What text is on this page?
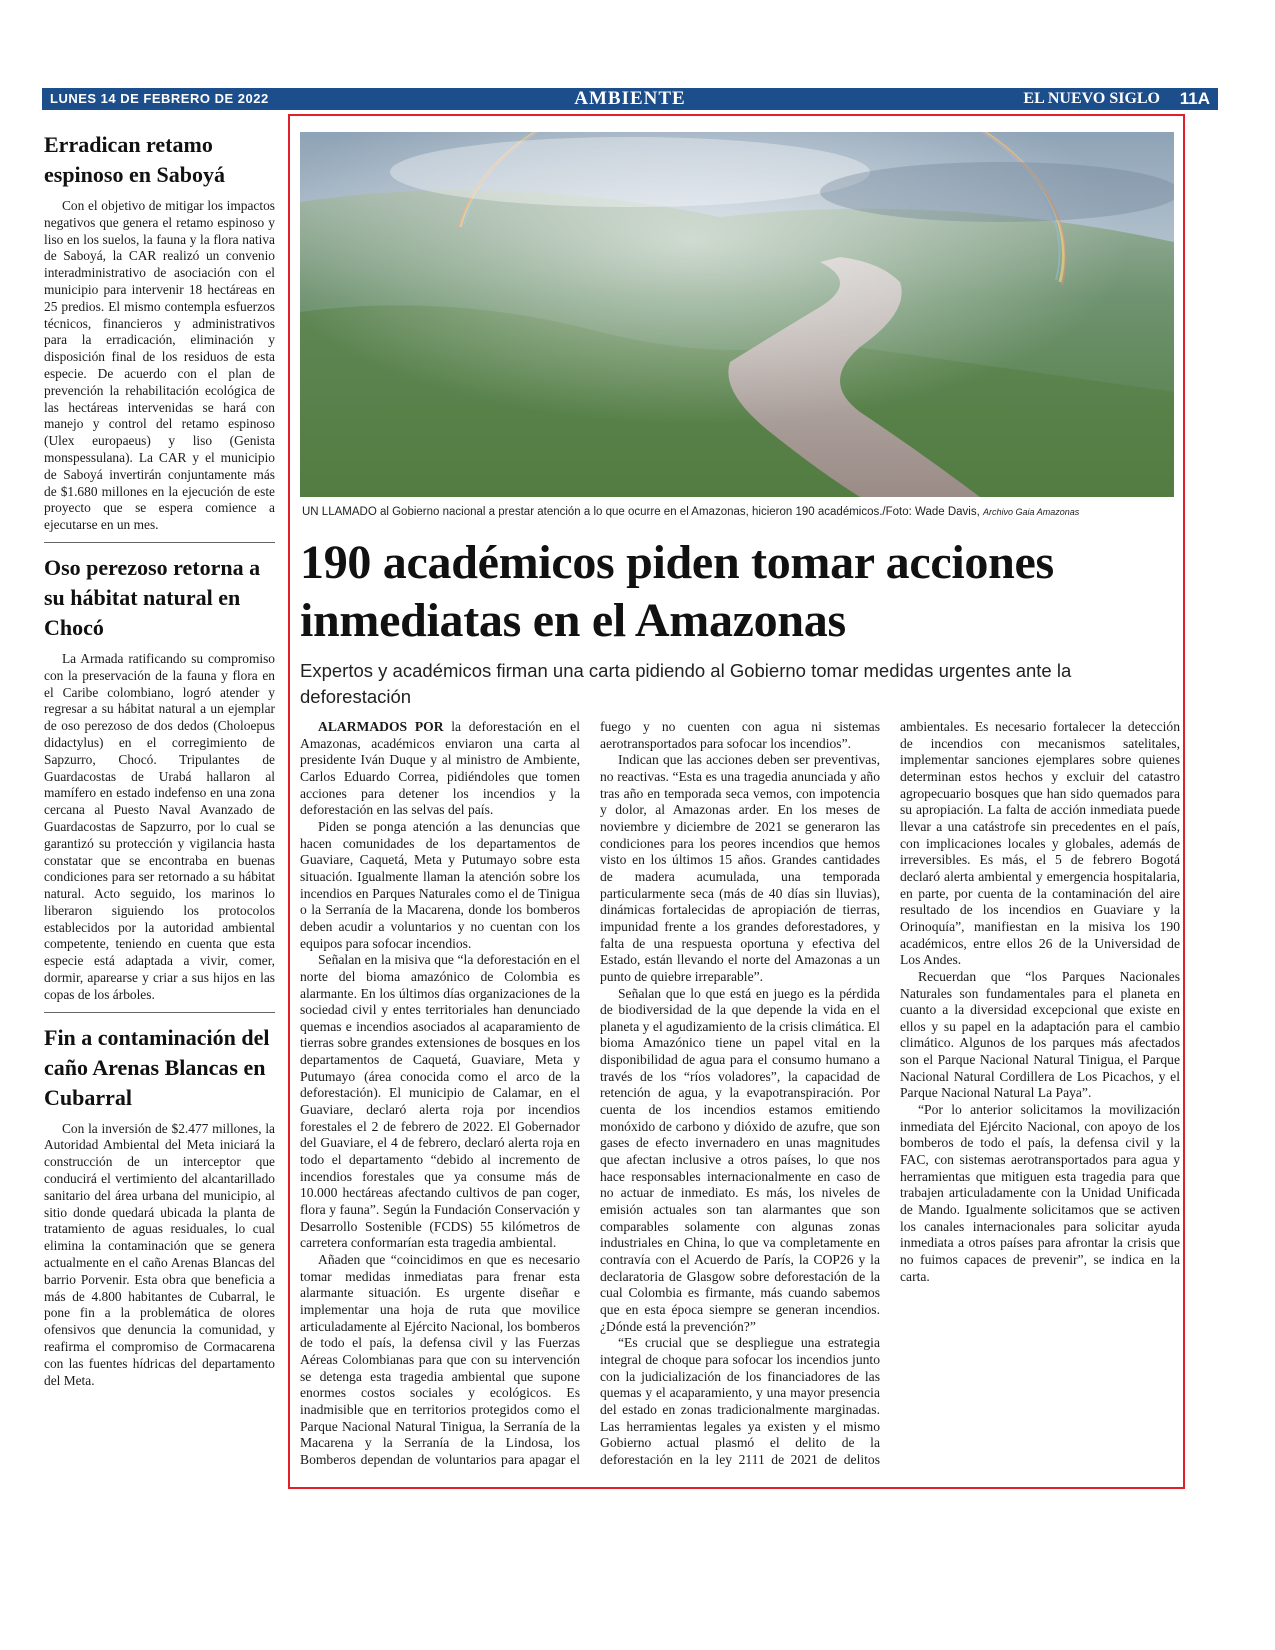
LUNES 14 DE FEBRERO DE 2022	AMBIENTE	EL NUEVO SIGLO 11A
Erradican retamo espinoso en Saboyá

Con el objetivo de mitigar los impactos negativos que genera el retamo espinoso y liso en los suelos, la fauna y la flora nativa de Saboyá, la CAR realizó un convenio interadministrativo de asociación con el municipio para intervenir 18 hectáreas en 25 predios. El mismo contempla esfuerzos técnicos, financieros y administrativos para la erradicación, eliminación y disposición final de los residuos de esta especie. De acuerdo con el plan de prevención la rehabilitación ecológica de las hectáreas intervenidas se hará con manejo y control del retamo espinoso (Ulex europaeus) y liso (Genista monspessulana). La CAR y el municipio de Saboyá invertirán conjuntamente más de $1.680 millones en la ejecución de este proyecto que se espera comience a ejecutarse en un mes.

Oso perezoso retorna a su hábitat natural en Chocó

La Armada ratificando su compromiso con la preservación de la fauna y flora en el Caribe colombiano, logró atender y regresar a su hábitat natural a un ejemplar de oso perezoso de dos dedos (Choloepus didactylus) en el corregimiento de Sapzurro, Chocó. Tripulantes de Guardacostas de Urabá hallaron al mamífero en estado indefenso en una zona cercana al Puesto Naval Avanzado de Guardacostas de Sapzurro, por lo cual se garantizó su protección y vigilancia hasta constatar que se encontraba en buenas condiciones para ser retornado a su hábitat natural. Acto seguido, los marinos lo liberaron siguiendo los protocolos establecidos por la autoridad ambiental competente, teniendo en cuenta que esta especie está adaptada a vivir, comer, dormir, aparearse y criar a sus hijos en las copas de los árboles.

Fin a contaminación del caño Arenas Blancas en Cubarral

Con la inversión de $2.477 millones, la Autoridad Ambiental del Meta iniciará la construcción de un interceptor que conducirá el vertimiento del alcantarillado sanitario del área urbana del municipio, al sitio donde quedará ubicada la planta de tratamiento de aguas residuales, lo cual elimina la contaminación que se genera actualmente en el caño Arenas Blancas del barrio Porvenir. Esta obra que beneficia a más de 4.800 habitantes de Cubarral, le pone fin a la problemática de olores ofensivos que denuncia la comunidad, y reafirma el compromiso de Cormacarena con las fuentes hídricas del departamento del Meta.

UN LLAMADO al Gobierno nacional a prestar atención a lo que ocurre en el Amazonas, hicieron 190 académicos./Foto: Wade Davis, Archivo Gaia Amazonas
190 académicos piden tomar acciones inmediatas en el Amazonas

Expertos y académicos firman una carta pidiendo al Gobierno tomar medidas urgentes ante la deforestación

ALARMADOS POR la deforestación en el Amazonas, académicos enviaron una carta al presidente Iván Duque y al ministro de Ambiente, Carlos Eduardo Correa, pidiéndoles que tomen acciones para detener los incendios y la deforestación en las selvas del país.

Piden se ponga atención a las denuncias que hacen comunidades de los departamentos de Guaviare, Caquetá, Meta y Putumayo sobre esta situación. Igualmente llaman la atención sobre los incendios en Parques Naturales como el de Tinigua o la Serranía de la Macarena, donde los bomberos deben acudir a voluntarios y no cuentan con los equipos para sofocar incendios.

Señalan en la misiva que “la deforestación en el norte del bioma amazónico de Colombia es alarmante. En los últimos días organizaciones de la sociedad civil y entes territoriales han denunciado quemas e incendios asociados al acaparamiento de tierras sobre grandes extensiones de bosques en los departamentos de Caquetá, Guaviare, Meta y Putumayo (área conocida como el arco de la deforestación). El municipio de Calamar, en el Guaviare, declaró alerta roja por incendios forestales el 2 de febrero de 2022. El Gobernador del Guaviare, el 4 de febrero, declaró alerta roja en todo el departamento “debido al incremento de incendios forestales que ya consume más de 10.000 hectáreas afectando cultivos de pan coger, flora y fauna”. Según la Fundación Conservación y Desarrollo Sostenible (FCDS) 55 kilómetros de carretera conformarían esta tragedia ambiental.

Añaden que “coincidimos en que es necesario tomar medidas inmediatas para frenar esta alarmante situación. Es urgente diseñar e implementar una hoja de ruta que movilice articuladamente al Ejército Nacional, los bomberos de todo el país, la defensa civil y las Fuerzas Aéreas Colombianas para que con su intervención se detenga esta tragedia ambiental que supone enormes costos sociales y ecológicos. Es inadmisible que en territorios protegidos como el Parque Nacional Natural Tinigua, la Serranía de la Macarena y la Serranía de la Lindosa, los Bomberos dependan de voluntarios para apagar el fuego y no cuenten con agua ni sistemas aerotransportados para sofocar los incendios”.

Indican que las acciones deben ser preventivas, no reactivas. “Esta es una tragedia anunciada y año tras año en temporada seca vemos, con impotencia y dolor, al Amazonas arder. En los meses de noviembre y diciembre de 2021 se generaron las condiciones para los peores incendios que hemos visto en los últimos 15 años. Grandes cantidades de madera acumulada, una temporada particularmente seca (más de 40 días sin lluvias), dinámicas fortalecidas de apropiación de tierras, impunidad frente a los grandes deforestadores, y falta de una respuesta oportuna y efectiva del Estado, están llevando el norte del Amazonas a un punto de quiebre irreparable”.

Señalan que lo que está en juego es la pérdida de biodiversidad de la que depende la vida en el planeta y el agudizamiento de la crisis climática. El bioma Amazónico tiene un papel vital en la disponibilidad de agua para el consumo humano a través de los “ríos voladores”, la capacidad de retención de agua, y la evapotranspiración. Por cuenta de los incendios estamos emitiendo monóxido de carbono y dióxido de azufre, que son gases de efecto invernadero en unas magnitudes que afectan inclusive a otros países, lo que nos hace responsables internacionalmente en caso de no actuar de inmediato. Es más, los niveles de emisión actuales son tan alarmantes que son comparables solamente con algunas zonas industriales en China, lo que va completamente en contravía con el Acuerdo de París, la COP26 y la declaratoria de Glasgow sobre deforestación de la cual Colombia es firmante, más cuando sabemos que en esta época siempre se generan incendios. ¿Dónde está la prevención?”

“Es crucial que se despliegue una estrategia integral de choque para sofocar los incendios junto con la judicialización de los financiadores de las quemas y el acaparamiento, y una mayor presencia del estado en zonas tradicionalmente marginadas. Las herramientas legales ya existen y el mismo Gobierno actual plasmó el delito de la deforestación en la ley 2111 de 2021 de delitos ambientales. Es necesario fortalecer la detección de incendios con mecanismos satelitales, implementar sanciones ejemplares sobre quienes determinan estos hechos y excluir del catastro agropecuario bosques que han sido quemados para su apropiación. La falta de acción inmediata puede llevar a una catástrofe sin precedentes en el país, con implicaciones locales y globales, además de irreversibles. Es más, el 5 de febrero Bogotá declaró alerta ambiental y emergencia hospitalaria, en parte, por cuenta de la contaminación del aire resultado de los incendios en Guaviare y la Orinoquía”, manifiestan en la misiva los 190 académicos, entre ellos 26 de la Universidad de Los Andes.

Recuerdan que “los Parques Nacionales Naturales son fundamentales para el planeta en cuanto a la diversidad excepcional que existe en ellos y su papel en la adaptación para el cambio climático. Algunos de los parques más afectados son el Parque Nacional Natural Tinigua, el Parque Nacional Natural Cordillera de Los Picachos, y el Parque Nacional Natural La Paya”.

“Por lo anterior solicitamos la movilización inmediata del Ejército Nacional, con apoyo de los bomberos de todo el país, la defensa civil y la FAC, con sistemas aerotransportados para agua y herramientas que mitiguen esta tragedia para que trabajen articuladamente con la Unidad Unificada de Mando. Igualmente solicitamos que se activen los canales internacionales para solicitar ayuda inmediata a otros países para afrontar la crisis que no fuimos capaces de prevenir”, se indica en la carta.
